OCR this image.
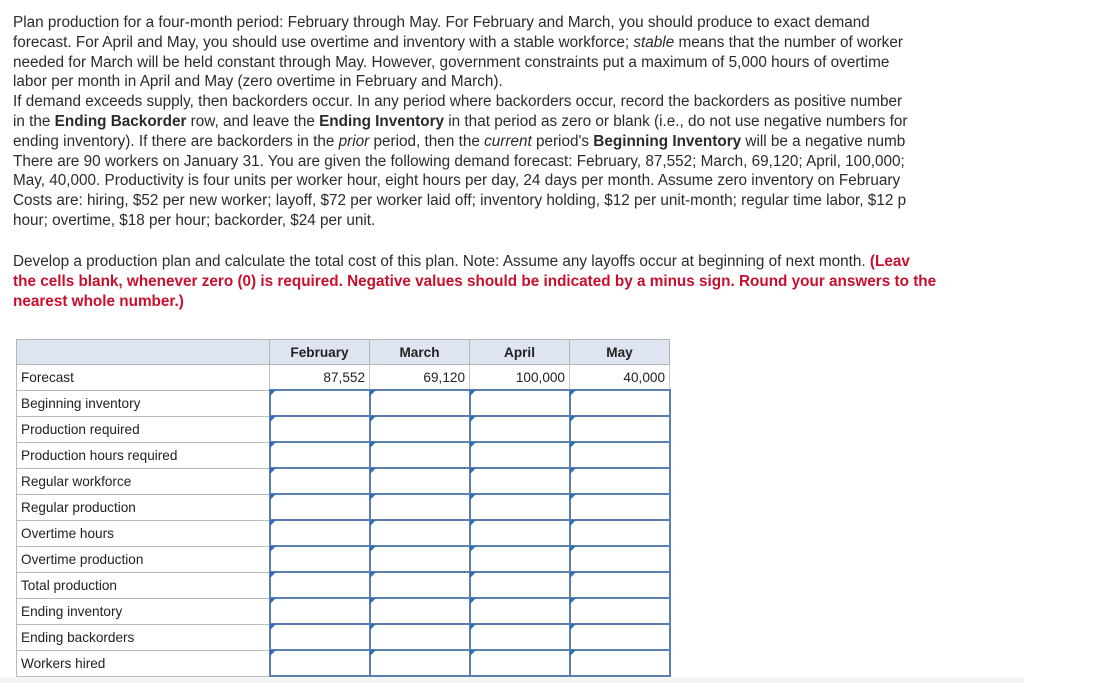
Plan production for a four-month period: February through May. For February and March, you should produce to exact demand
forecast. For April and May, you should use overtime and inventory with a stable workforce; stable means that the number of worker
needed for March will be held constant through May. However, government constraints put a maximum of 5,000 hours of overtime
labor per month in April and May (zero overtime in February and March).
If demand exceeds supply, then backorders occur. In any period where backorders occur, record the backorders as positive number
in the Ending Backorder row, and leave the Ending Inventory in that period as zero or blank (i.e., do not use negative numbers for
ending inventory). If there are backorders in the prior period, then the current period's Beginning Inventory will be a negative numb
There are 90 workers on January 31. You are given the following demand forecast: February, 87,552; March, 69,120; April, 100,000;
May, 40,000. Productivity is four units per worker hour, eight hours per day, 24 days per month. Assume zero inventory on February
Costs are: hiring, $52 per new worker; layoff, $72 per worker laid off; inventory holding, $12 per unit-month; regular time labor, $12 p
hour; overtime, $18 per hour; backorder, $24 per unit.
Develop a production plan and calculate the total cost of this plan. Note: Assume any layoffs occur at beginning of next month. (Leav
the cells blank, whenever zero (0) is required. Negative values should be indicated by a minus sign. Round your answers to the
nearest whole number.)
	February	March	April	May
Forecast	87,552	69,120	100,000	40,000
Beginning inventory				
Production required				
Production hours required				
Regular workforce				
Regular production				
Overtime hours				
Overtime production				
Total production				
Ending inventory				
Ending backorders				
Workers hired				
